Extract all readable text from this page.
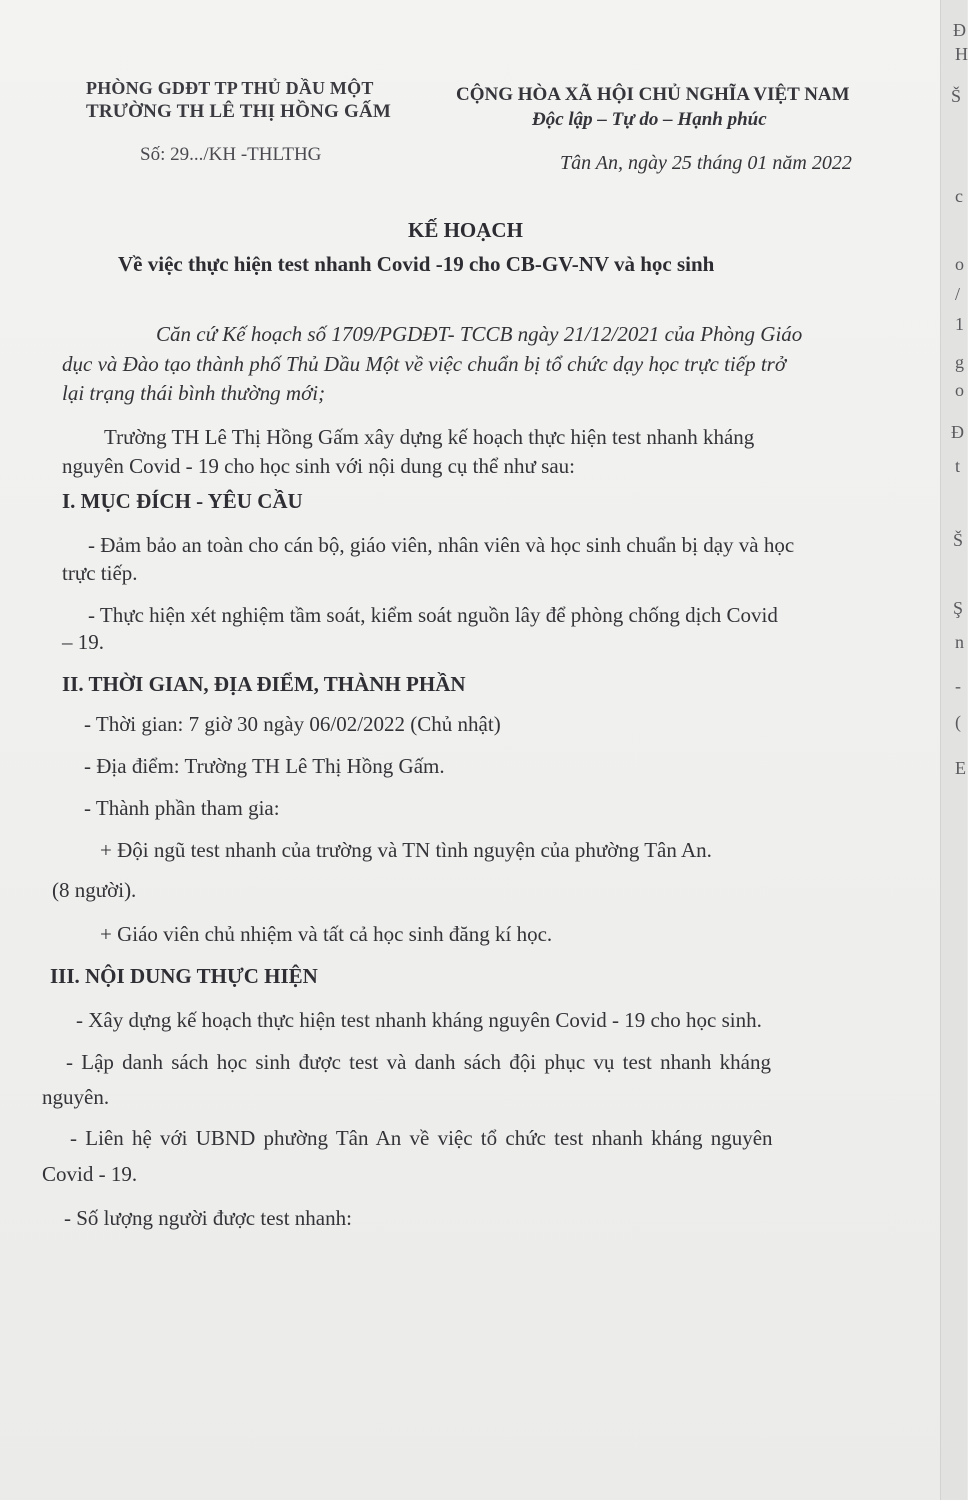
PHÒNG GDĐT TP THỦ DẦU MỘT
TRƯỜNG TH LÊ THỊ HỒNG GẤM
Số: 29.../KH -THLTHG
CỘNG HÒA XÃ HỘI CHỦ NGHĨA VIỆT NAM
Độc lập – Tự do – Hạnh phúc
Tân An, ngày 25 tháng 01 năm 2022
KẾ HOẠCH
Về việc thực hiện test nhanh Covid -19 cho CB-GV-NV và học sinh
Căn cứ Kế hoạch số 1709/PGDĐT- TCCB ngày 21/12/2021 của Phòng Giáo
dục và Đào tạo thành phố Thủ Dầu Một về việc chuẩn bị tổ chức dạy học trực tiếp trở
lại trạng thái bình thường mới;
Trường TH Lê Thị Hồng Gấm xây dựng kế hoạch thực hiện test nhanh kháng
nguyên Covid - 19 cho học sinh với nội dung cụ thể như sau:
I. MỤC ĐÍCH - YÊU CẦU
- Đảm bảo an toàn cho cán bộ, giáo viên, nhân viên và học sinh chuẩn bị dạy và học
trực tiếp.
- Thực hiện xét nghiệm tầm soát, kiểm soát nguồn lây để phòng chống dịch Covid
– 19.
II. THỜI GIAN, ĐỊA ĐIỂM, THÀNH PHẦN
- Thời gian: 7 giờ 30 ngày 06/02/2022 (Chủ nhật)
- Địa điểm: Trường TH Lê Thị Hồng Gấm.
- Thành phần tham gia:
+ Đội ngũ test nhanh của trường và TN tình nguyện của phường Tân An.
(8 người).
+ Giáo viên chủ nhiệm và tất cả học sinh đăng kí học.
III. NỘI DUNG THỰC HIỆN
- Xây dựng kế hoạch thực hiện test nhanh kháng nguyên Covid - 19 cho học sinh.
- Lập danh sách học sinh được test và danh sách đội phục vụ test nhanh kháng
nguyên.
- Liên hệ với UBND phường Tân An về việc tổ chức test nhanh kháng nguyên
Covid - 19.
- Số lượng người được test nhanh:
Đ
H
Š
c
o
/
1
g
o
Đ
t
Š
Ş
n
-
(
E
